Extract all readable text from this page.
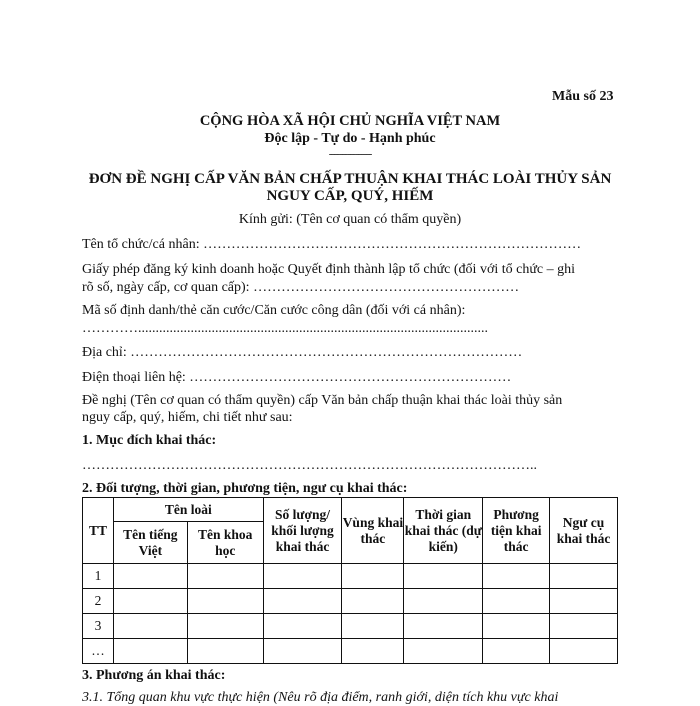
Mẫu số 23
CỘNG HÒA XÃ HỘI CHỦ NGHĨA VIỆT NAM
Độc lập - Tự do - Hạnh phúc
----------------
ĐƠN ĐỀ NGHỊ CẤP VĂN BẢN CHẤP THUẬN KHAI THÁC LOÀI THỦY SẢN
NGUY CẤP, QUÝ, HIẾM
Kính gửi: (Tên cơ quan có thẩm quyền)
Tên tổ chức/cá nhân: ………………………………………………………………………
Giấy phép đăng ký kinh doanh hoặc Quyết định thành lập tổ chức (đối với tổ chức – ghi
rõ số, ngày cấp, cơ quan cấp): …………………………………………………
Mã số định danh/thẻ căn cước/Căn cước công dân (đối với cá nhân):
…………....................................................................................................
Địa chỉ: …………………………………………………………………………
Điện thoại liên hệ: ……………………………………………………………
Đề nghị (Tên cơ quan có thẩm quyền) cấp Văn bản chấp thuận khai thác loài thủy sản
nguy cấp, quý, hiếm, chi tiết như sau:
1. Mục đích khai thác:
……………………………………………………………………………………..
2. Đối tượng, thời gian, phương tiện, ngư cụ khai thác:
TT	Tên loài		Số lượng/ khối lượng khai thác	Vùng khai thác	Thời gian khai thác (dự kiến)	Phương tiện khai thác	Ngư cụ khai thác
	Tên tiếng Việt	Tên khoa học					
1							
2							
3							
…							
3. Phương án khai thác:
3.1. Tổng quan khu vực thực hiện (Nêu rõ địa điểm, ranh giới, diện tích khu vực khai
